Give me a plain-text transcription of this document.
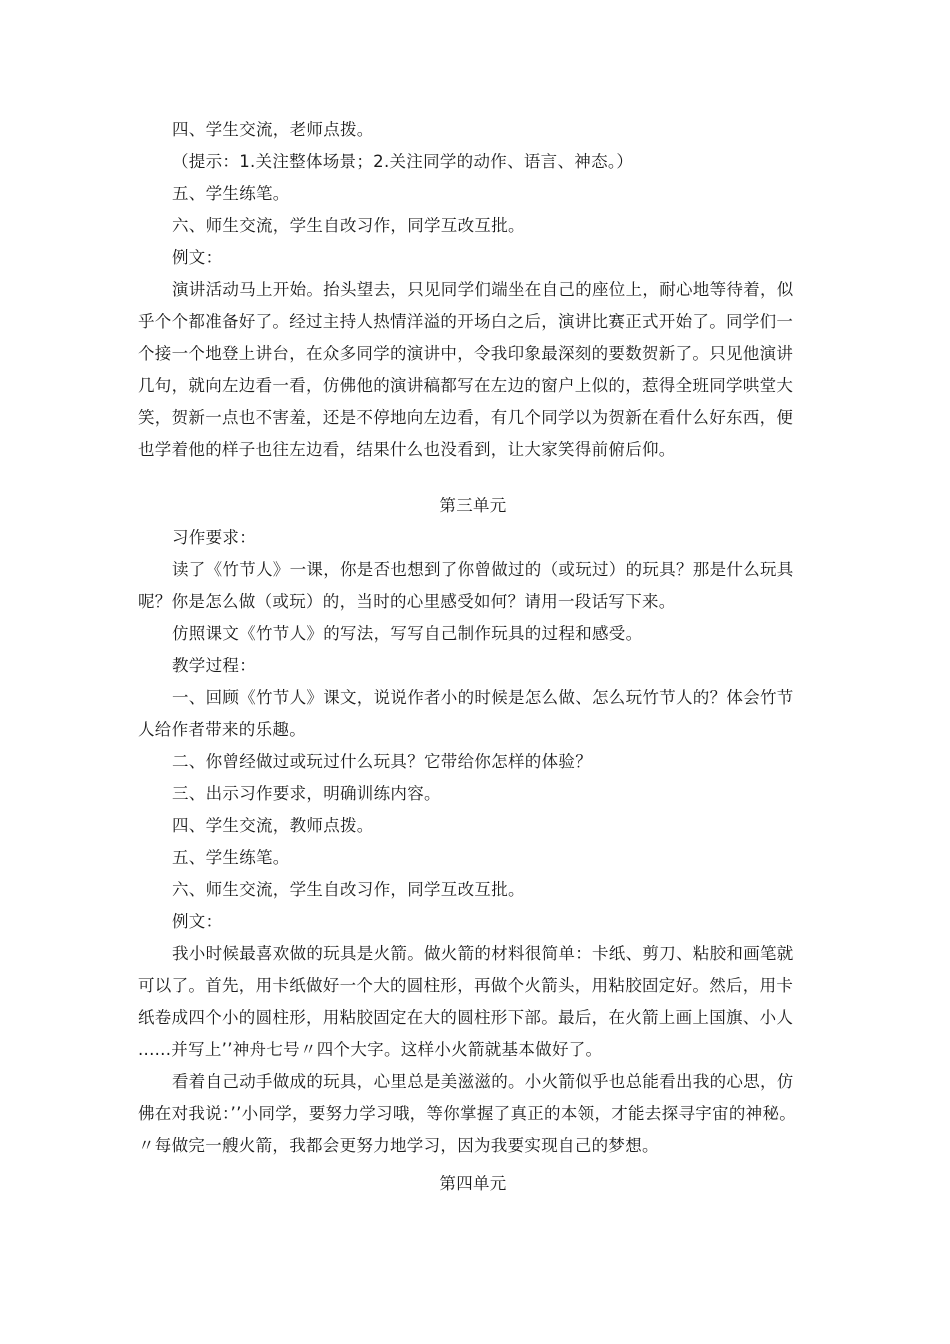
四、学生交流，老师点拨。
（提示：1.关注整体场景；2.关注同学的动作、语言、神态。）
五、学生练笔。
六、师生交流，学生自改习作，同学互改互批。
例文：
演讲活动马上开始。抬头望去，只见同学们端坐在自己的座位上，耐心地等待着，似
乎个个都准备好了。经过主持人热情洋溢的开场白之后，演讲比赛正式开始了。同学们一
个接一个地登上讲台，在众多同学的演讲中，令我印象最深刻的要数贺新了。只见他演讲
几句，就向左边看一看，仿佛他的演讲稿都写在左边的窗户上似的，惹得全班同学哄堂大
笑，贺新一点也不害羞，还是不停地向左边看，有几个同学以为贺新在看什么好东西，便
也学着他的样子也往左边看，结果什么也没看到，让大家笑得前俯后仰。
第三单元
习作要求：
读了《竹节人》一课，你是否也想到了你曾做过的（或玩过）的玩具？那是什么玩具
呢？你是怎么做（或玩）的，当时的心里感受如何？请用一段话写下来。
仿照课文《竹节人》的写法，写写自己制作玩具的过程和感受。
教学过程：
一、回顾《竹节人》课文，说说作者小的时候是怎么做、怎么玩竹节人的？体会竹节
人给作者带来的乐趣。
二、你曾经做过或玩过什么玩具？它带给你怎样的体验？
三、出示习作要求，明确训练内容。
四、学生交流，教师点拨。
五、学生练笔。
六、师生交流，学生自改习作，同学互改互批。
例文：
我小时候最喜欢做的玩具是火箭。做火箭的材料很简单：卡纸、剪刀、粘胶和画笔就
可以了。首先，用卡纸做好一个大的圆柱形，再做个火箭头，用粘胶固定好。然后，用卡
纸卷成四个小的圆柱形，用粘胶固定在大的圆柱形下部。最后，在火箭上画上国旗、小人
......并写上’’神舟七号〃四个大字。这样小火箭就基本做好了。
看着自己动手做成的玩具，心里总是美滋滋的。小火箭似乎也总能看出我的心思，仿
佛在对我说：’’小同学，要努力学习哦，等你掌握了真正的本领，才能去探寻宇宙的神秘。
〃每做完一艘火箭，我都会更努力地学习，因为我要实现自己的梦想。
第四单元
